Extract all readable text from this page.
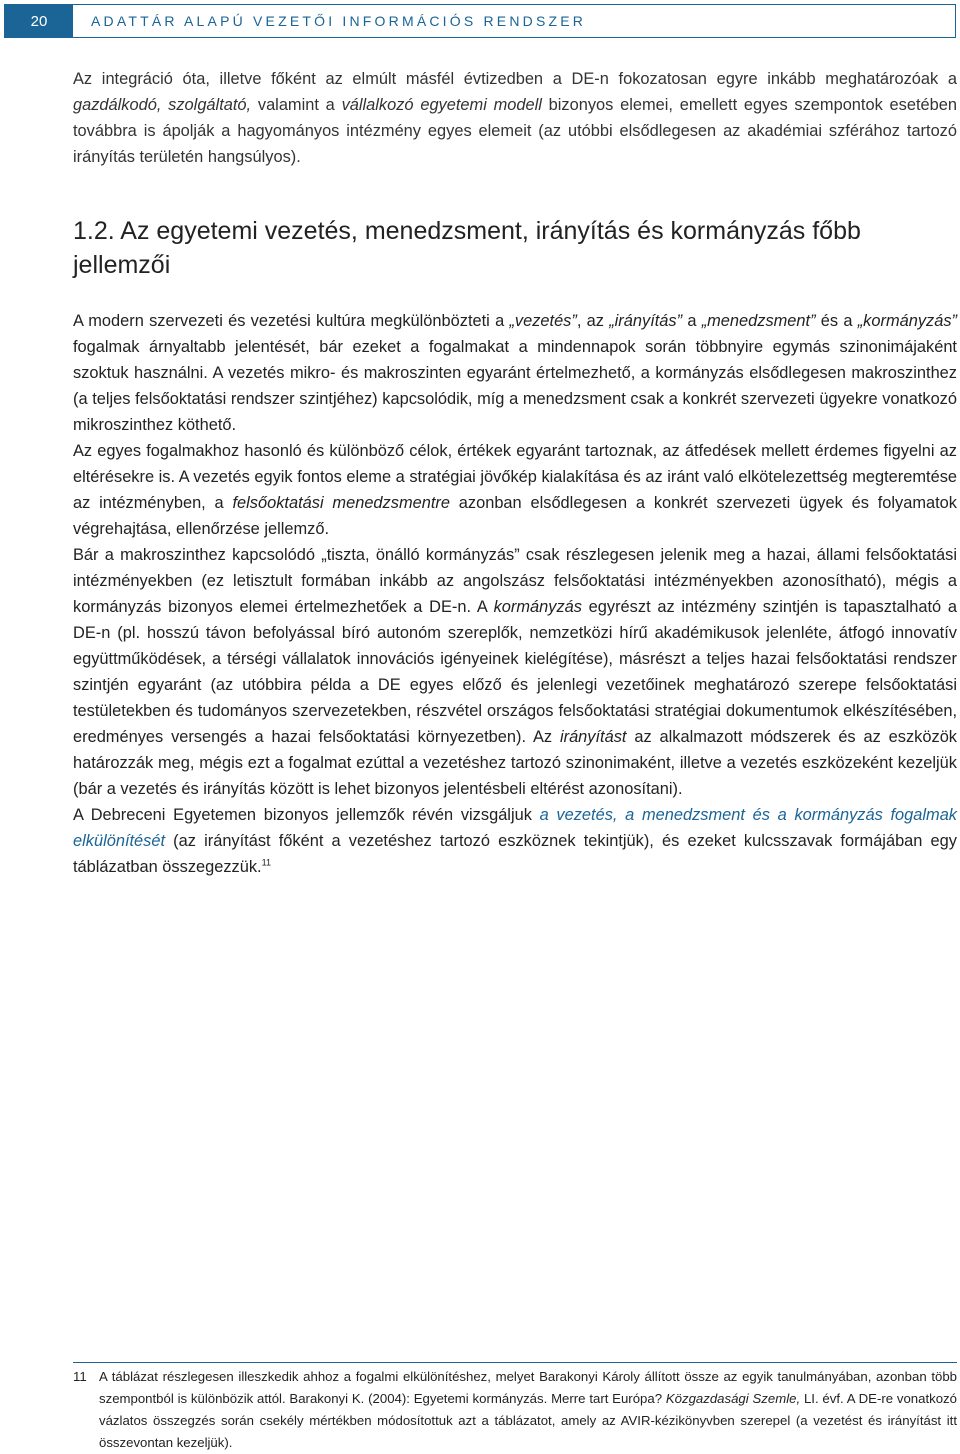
20	ADATTÁR ALAPÚ VEZETŐI INFORMÁCIÓS RENDSZER

Az integráció óta, illetve főként az elmúlt másfél évtizedben a DE-n fokozatosan egyre inkább meghatározóak a gazdálkodó, szolgáltató, valamint a vállalkozó egyetemi modell bizonyos elemei, emellett egyes szempontok esetében továbbra is ápolják a hagyományos intézmény egyes elemeit (az utóbbi elsődlegesen az akadémiai szférához tartozó irányítás területén hangsúlyos).

1.2. Az egyetemi vezetés, menedzsment, irányítás és kormányzás főbb jellemzői

A modern szervezeti és vezetési kultúra megkülönbözteti a „vezetés”, az „irányítás” a „menedzsment” és a „kormányzás” fogalmak árnyaltabb jelentését, bár ezeket a fogalmakat a mindennapok során többnyire egymás szinonimájaként szoktuk használni. A vezetés mikro- és makroszinten egyaránt értelmezhető, a kormányzás elsődlegesen makroszinthez (a teljes felsőoktatási rendszer szintjéhez) kapcsolódik, míg a menedzsment csak a konkrét szervezeti ügyekre vonatkozó mikroszinthez köthető.

Az egyes fogalmakhoz hasonló és különböző célok, értékek egyaránt tartoznak, az átfedések mellett érdemes figyelni az eltérésekre is. A vezetés egyik fontos eleme a stratégiai jövőkép kialakítása és az iránt való elkötelezettség megteremtése az intézményben, a felsőoktatási menedzsmentre azonban elsődlegesen a konkrét szervezeti ügyek és folyamatok végrehajtása, ellenőrzése jellemző.

Bár a makroszinthez kapcsolódó „tiszta, önálló kormányzás” csak részlegesen jelenik meg a hazai, állami felsőoktatási intézményekben (ez letisztult formában inkább az angolszász felsőoktatási intézményekben azonosítható), mégis a kormányzás bizonyos elemei értelmezhetőek a DE-n. A kormányzás egyrészt az intézmény szintjén is tapasztalható a DE-n (pl. hosszú távon befolyással bíró autonóm szereplők, nemzetközi hírű akadémikusok jelenléte, átfogó innovatív együttműködések, a térségi vállalatok innovációs igényeinek kielégítése), másrészt a teljes hazai felsőoktatási rendszer szintjén egyaránt (az utóbbira példa a DE egyes előző és jelenlegi vezetőinek meghatározó szerepe felsőoktatási testületekben és tudományos szervezetekben, részvétel országos felsőoktatási stratégiai dokumentumok elkészítésében, eredményes versengés a hazai felsőoktatási környezetben). Az irányítást az alkalmazott módszerek és az eszközök határozzák meg, mégis ezt a fogalmat ezúttal a vezetéshez tartozó szinonimaként, illetve a vezetés eszközeként kezeljük (bár a vezetés és irányítás között is lehet bizonyos jelentésbeli eltérést azonosítani).

A Debreceni Egyetemen bizonyos jellemzők révén vizsgáljuk a vezetés, a menedzsment és a kormányzás fogalmak elkülönítését (az irányítást főként a vezetéshez tartozó eszköznek tekintjük), és ezeket kulcsszavak formájában egy táblázatban összegezzük.$^{11}$

11 A táblázat részlegesen illeszkedik ahhoz a fogalmi elkülönítéshez, melyet Barakonyi Károly állított össze az egyik tanulmányában, azonban több szempontból is különbözik attól. Barakonyi K. (2004): Egyetemi kormányzás. Merre tart Európa? Közgazdasági Szemle, LI. évf. A DE-re vonatkozó vázlatos összegzés során csekély mértékben módosítottuk azt a táblázatot, amely az AVIR-kézikönyvben szerepel (a vezetést és irányítást itt összevontan kezeljük).
